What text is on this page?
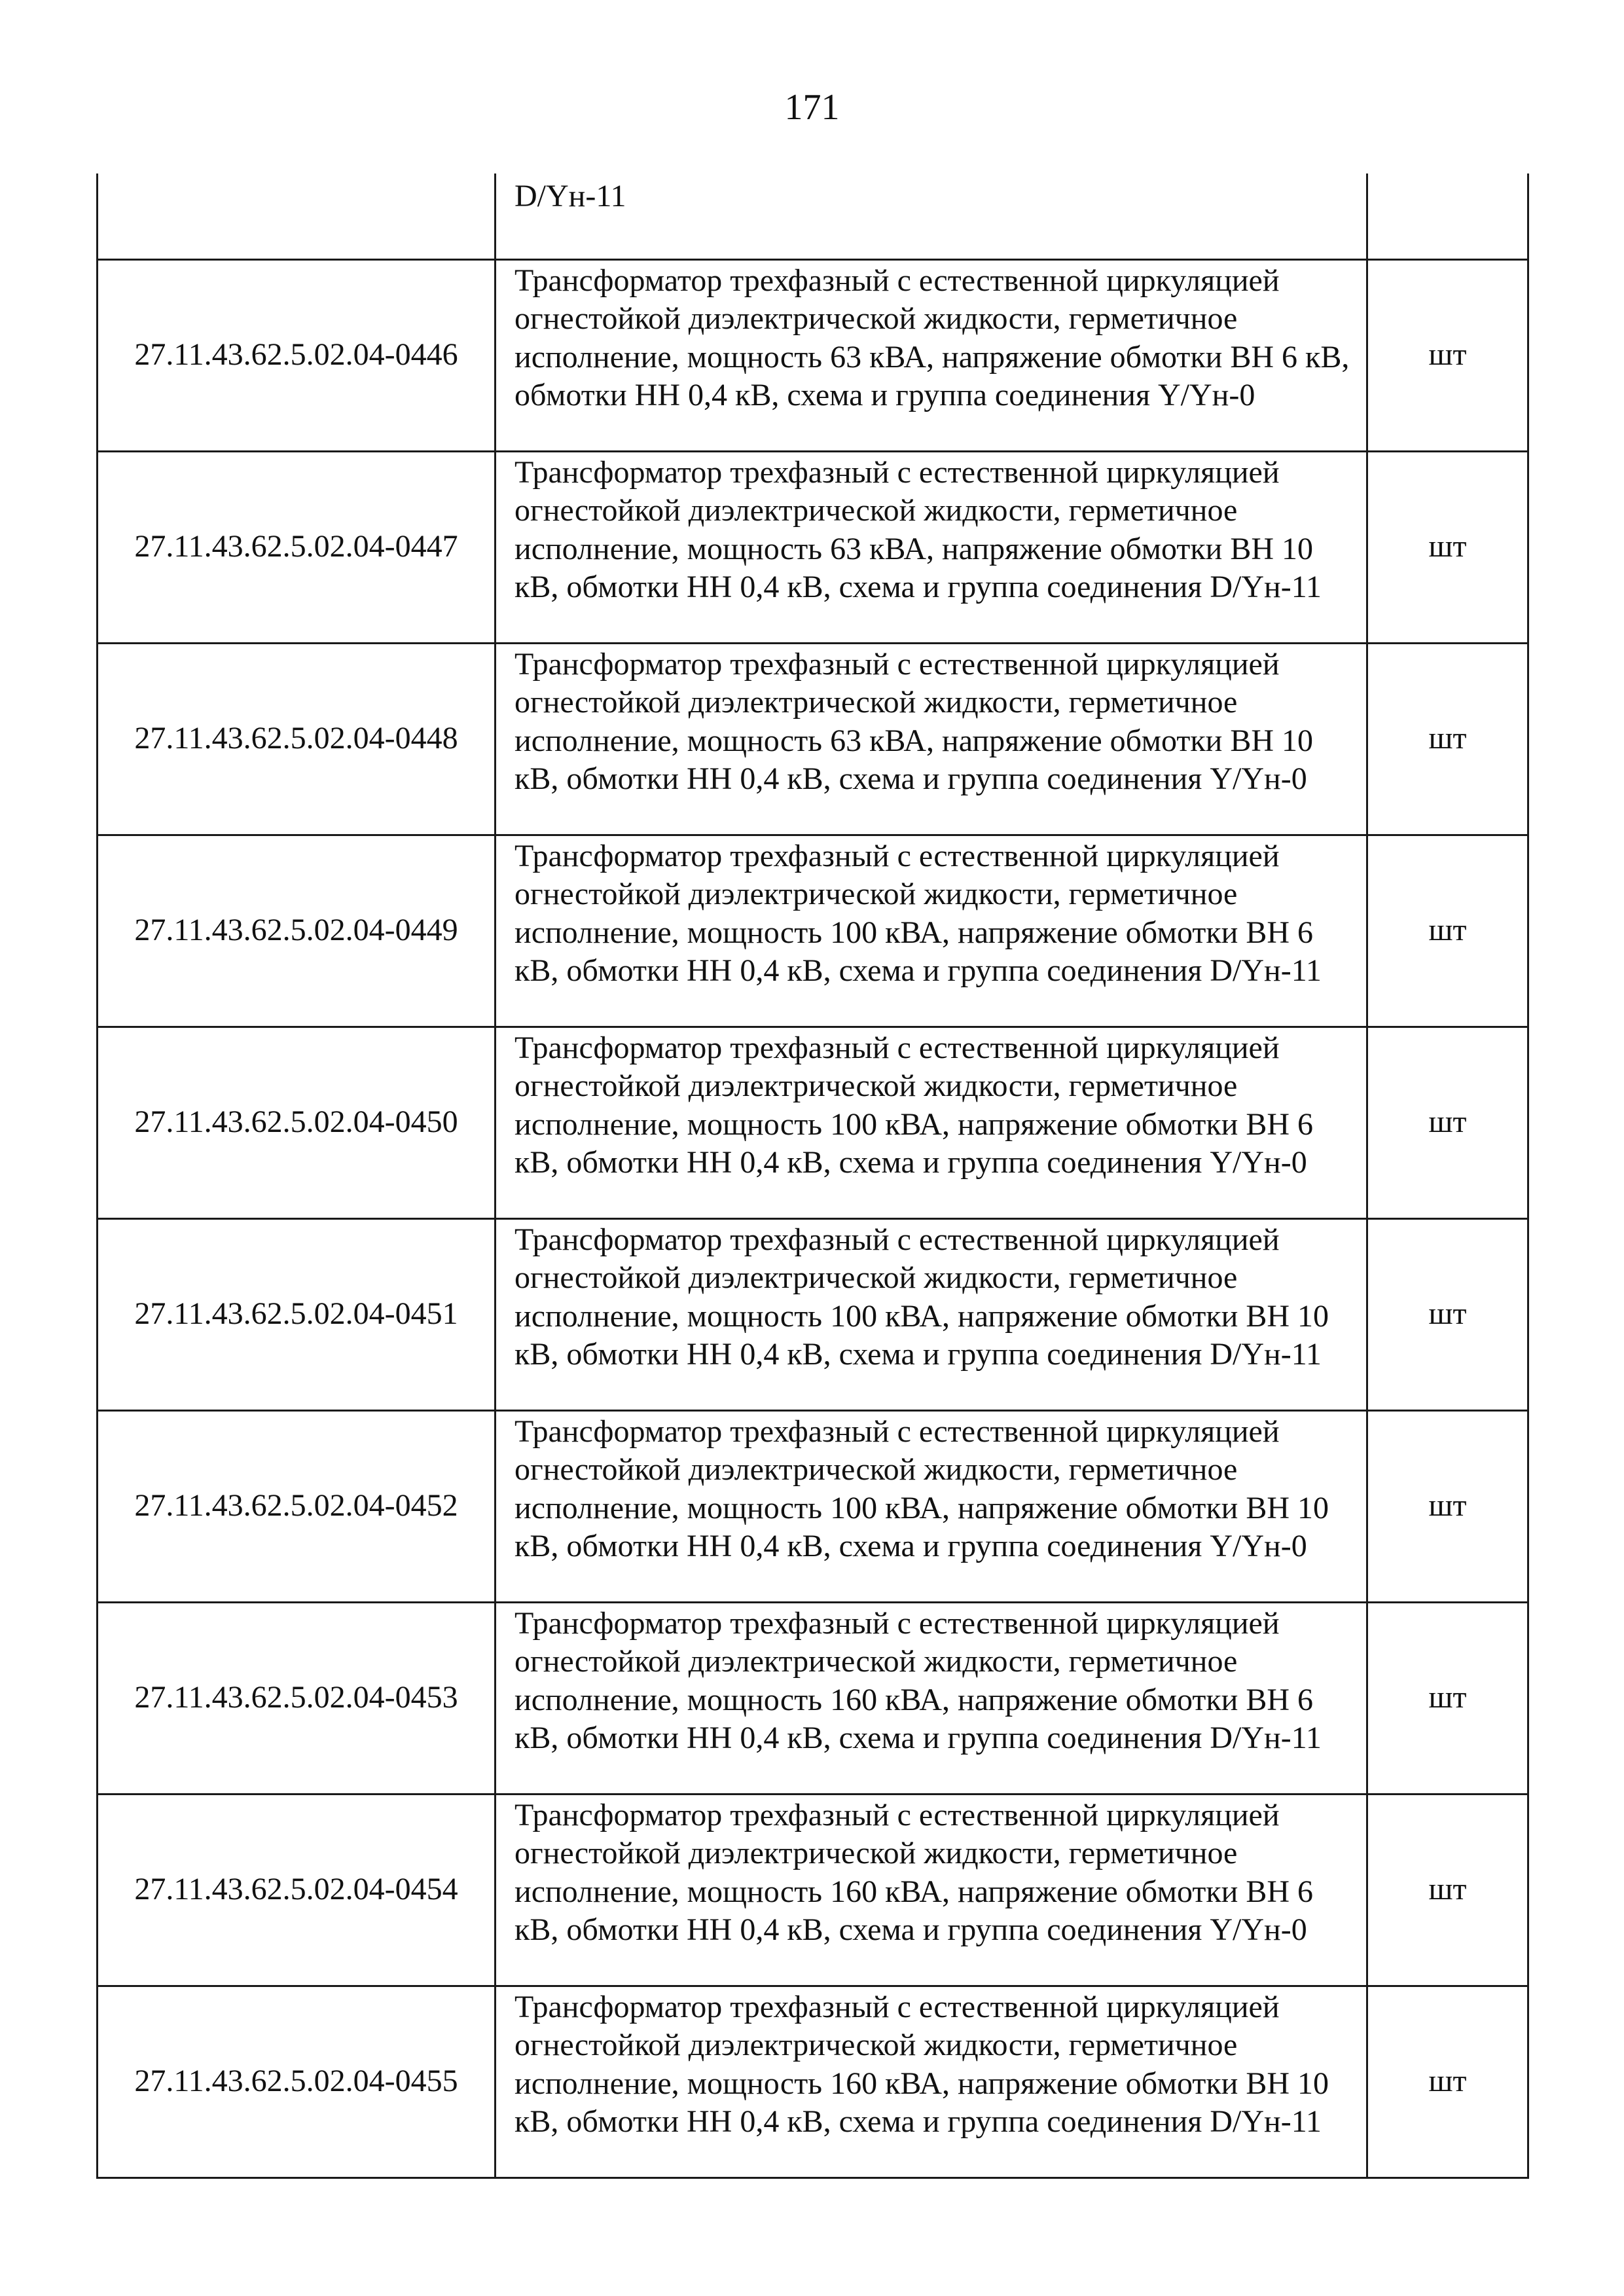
171
	D/Yн-11	
27.11.43.62.5.02.04-0446	Трансформатор трехфазный с естественной циркуляцией огнестойкой диэлектрической жидкости, герметичное исполнение, мощность 63 кВА, напряжение обмотки ВН 6 кВ, обмотки НН 0,4 кВ, схема и группа соединения Y/Yн-0	шт
27.11.43.62.5.02.04-0447	Трансформатор трехфазный с естественной циркуляцией огнестойкой диэлектрической жидкости, герметичное исполнение, мощность 63 кВА, напряжение обмотки ВН 10 кВ, обмотки НН 0,4 кВ, схема и группа соединения D/Yн-11	шт
27.11.43.62.5.02.04-0448	Трансформатор трехфазный с естественной циркуляцией огнестойкой диэлектрической жидкости, герметичное исполнение, мощность 63 кВА, напряжение обмотки ВН 10 кВ, обмотки НН 0,4 кВ, схема и группа соединения Y/Yн-0	шт
27.11.43.62.5.02.04-0449	Трансформатор трехфазный с естественной циркуляцией огнестойкой диэлектрической жидкости, герметичное исполнение, мощность 100 кВА, напряжение обмотки ВН 6 кВ, обмотки НН 0,4 кВ, схема и группа соединения D/Yн-11	шт
27.11.43.62.5.02.04-0450	Трансформатор трехфазный с естественной циркуляцией огнестойкой диэлектрической жидкости, герметичное исполнение, мощность 100 кВА, напряжение обмотки ВН 6 кВ, обмотки НН 0,4 кВ, схема и группа соединения Y/Yн-0	шт
27.11.43.62.5.02.04-0451	Трансформатор трехфазный с естественной циркуляцией огнестойкой диэлектрической жидкости, герметичное исполнение, мощность 100 кВА, напряжение обмотки ВН 10 кВ, обмотки НН 0,4 кВ, схема и группа соединения D/Yн-11	шт
27.11.43.62.5.02.04-0452	Трансформатор трехфазный с естественной циркуляцией огнестойкой диэлектрической жидкости, герметичное исполнение, мощность 100 кВА, напряжение обмотки ВН 10 кВ, обмотки НН 0,4 кВ, схема и группа соединения Y/Yн-0	шт
27.11.43.62.5.02.04-0453	Трансформатор трехфазный с естественной циркуляцией огнестойкой диэлектрической жидкости, герметичное исполнение, мощность 160 кВА, напряжение обмотки ВН 6 кВ, обмотки НН 0,4 кВ, схема и группа соединения D/Yн-11	шт
27.11.43.62.5.02.04-0454	Трансформатор трехфазный с естественной циркуляцией огнестойкой диэлектрической жидкости, герметичное исполнение, мощность 160 кВА, напряжение обмотки ВН 6 кВ, обмотки НН 0,4 кВ, схема и группа соединения Y/Yн-0	шт
27.11.43.62.5.02.04-0455	Трансформатор трехфазный с естественной циркуляцией огнестойкой диэлектрической жидкости, герметичное исполнение, мощность 160 кВА, напряжение обмотки ВН 10 кВ, обмотки НН 0,4 кВ, схема и группа соединения D/Yн-11	шт
